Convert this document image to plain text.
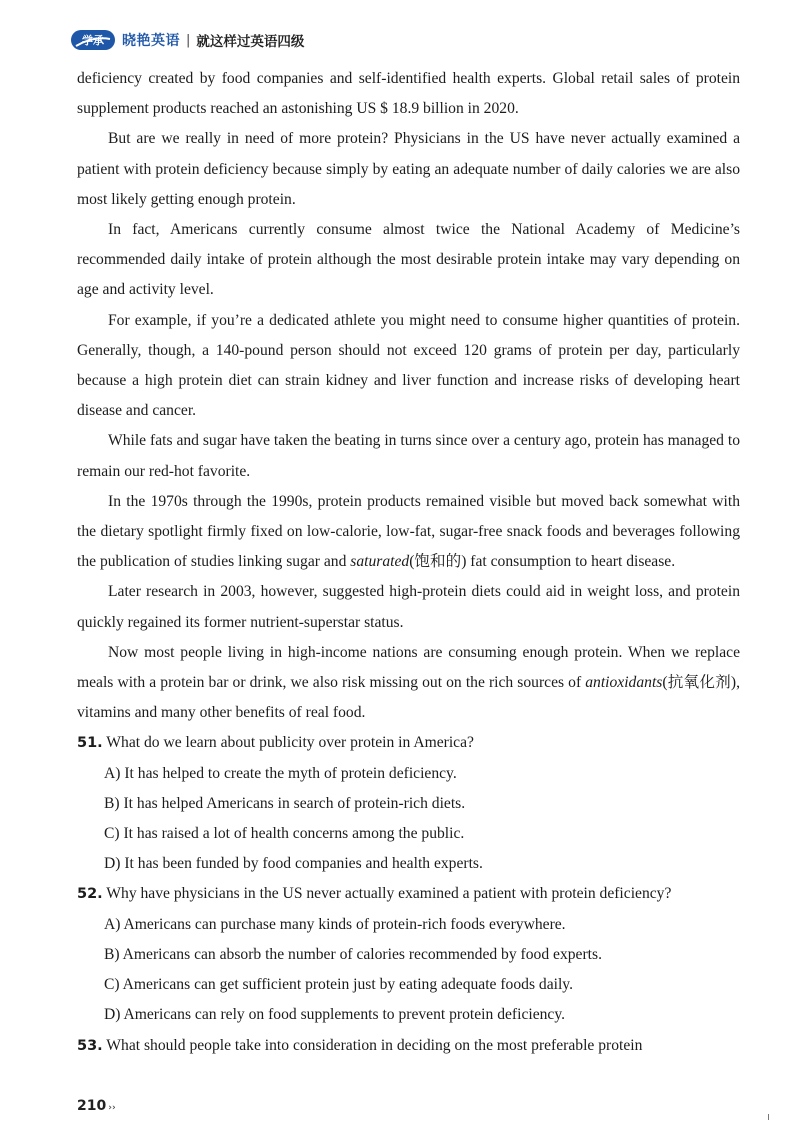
学承 晓艳英语 | 就这样过英语四级

deficiency created by food companies and self-identified health experts. Global retail sales of protein supplement products reached an astonishing US $ 18.9 billion in 2020.

But are we really in need of more protein? Physicians in the US have never actually examined a patient with protein deficiency because simply by eating an adequate number of daily calories we are also most likely getting enough protein.

In fact, Americans currently consume almost twice the National Academy of Medicine’s recommended daily intake of protein although the most desirable protein intake may vary depending on age and activity level.

For example, if you’re a dedicated athlete you might need to consume higher quantities of protein. Generally, though, a 140-pound person should not exceed 120 grams of protein per day, particularly because a high protein diet can strain kidney and liver function and increase risks of developing heart disease and cancer.

While fats and sugar have taken the beating in turns since over a century ago, protein has managed to remain our red-hot favorite.

In the 1970s through the 1990s, protein products remained visible but moved back somewhat with the dietary spotlight firmly fixed on low-calorie, low-fat, sugar-free snack foods and beverages following the publication of studies linking sugar and saturated(饱和的) fat consumption to heart disease.

Later research in 2003, however, suggested high-protein diets could aid in weight loss, and protein quickly regained its former nutrient-superstar status.

Now most people living in high-income nations are consuming enough protein. When we replace meals with a protein bar or drink, we also risk missing out on the rich sources of antioxidants(抗氧化剂), vitamins and many other benefits of real food.

51. What do we learn about publicity over protein in America?

A) It has helped to create the myth of protein deficiency.

B) It has helped Americans in search of protein-rich diets.

C) It has raised a lot of health concerns among the public.

D) It has been funded by food companies and health experts.

52. Why have physicians in the US never actually examined a patient with protein deficiency?

A) Americans can purchase many kinds of protein-rich foods everywhere.

B) Americans can absorb the number of calories recommended by food experts.

C) Americans can get sufficient protein just by eating adequate foods daily.

D) Americans can rely on food supplements to prevent protein deficiency.

53. What should people take into consideration in deciding on the most preferable protein

210 ››
